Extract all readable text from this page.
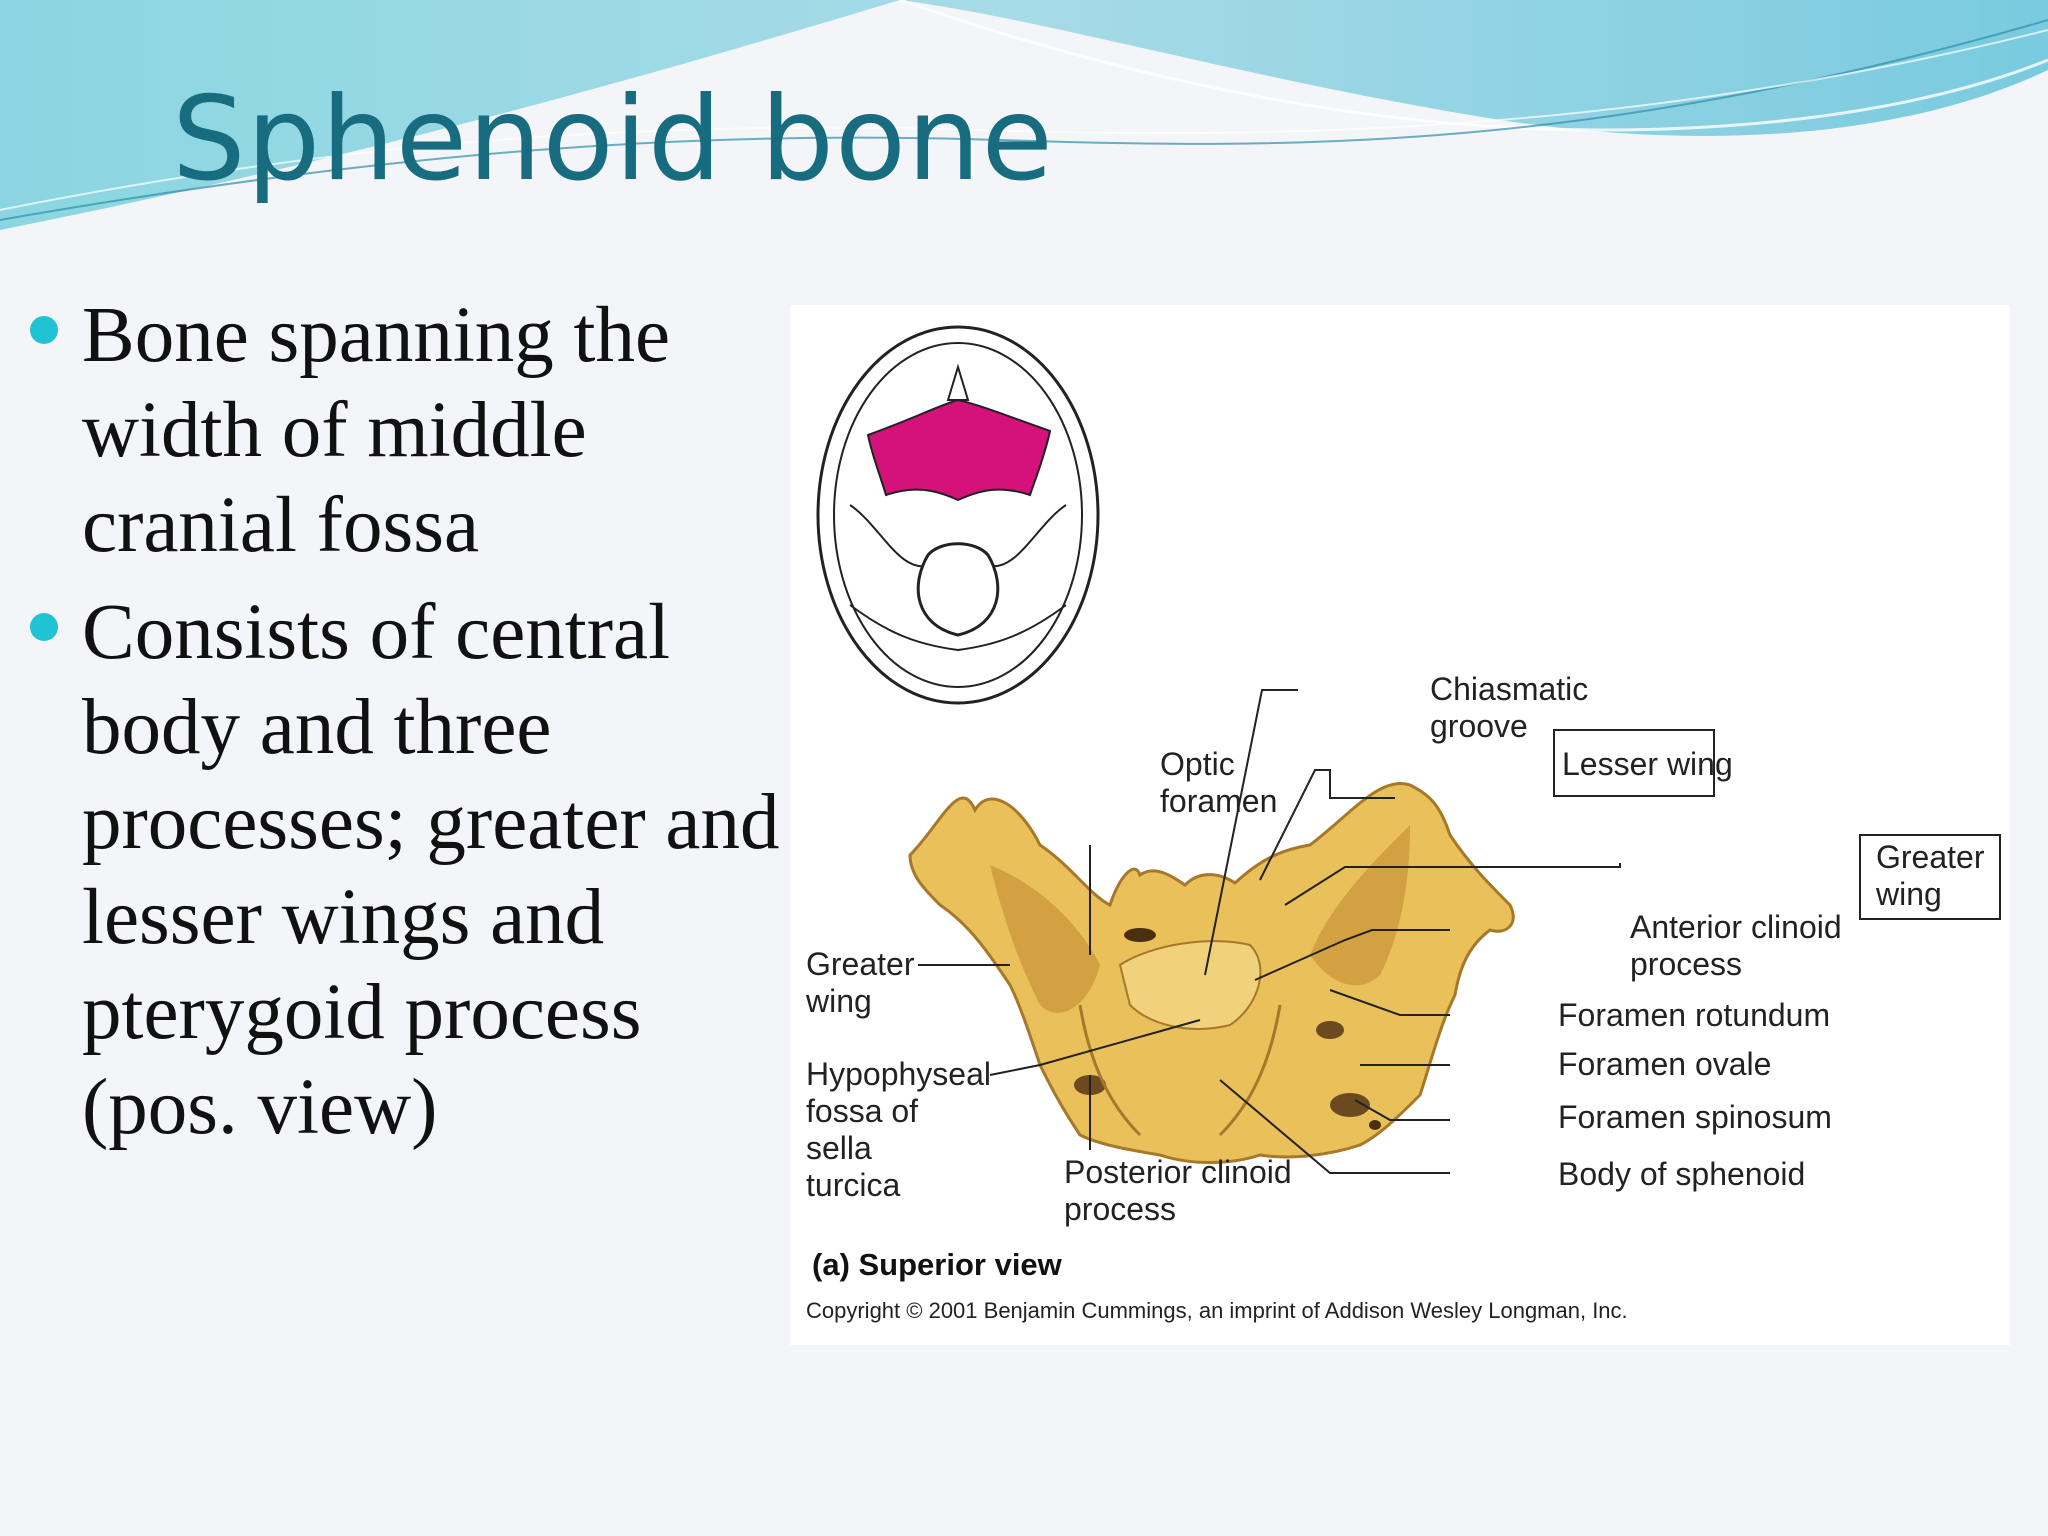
Sphenoid bone
Bone spanning the width of middle cranial fossa
Consists of central body and three processes; greater and lesser wings and pterygoid process (pos. view)
Chiasmatic
groove
Lesser wing
Optic
foramen
Greater
wing
Anterior clinoid
process
Greater
wing	Foramen rotundum
Hypophyseal
fossa of
sella
turcica
Foramen ovale
Foramen spinosum
Posterior clinoid
process
Body of sphenoid
(a) Superior view
Copyright © 2001 Benjamin Cummings, an imprint of Addison Wesley Longman, Inc.
